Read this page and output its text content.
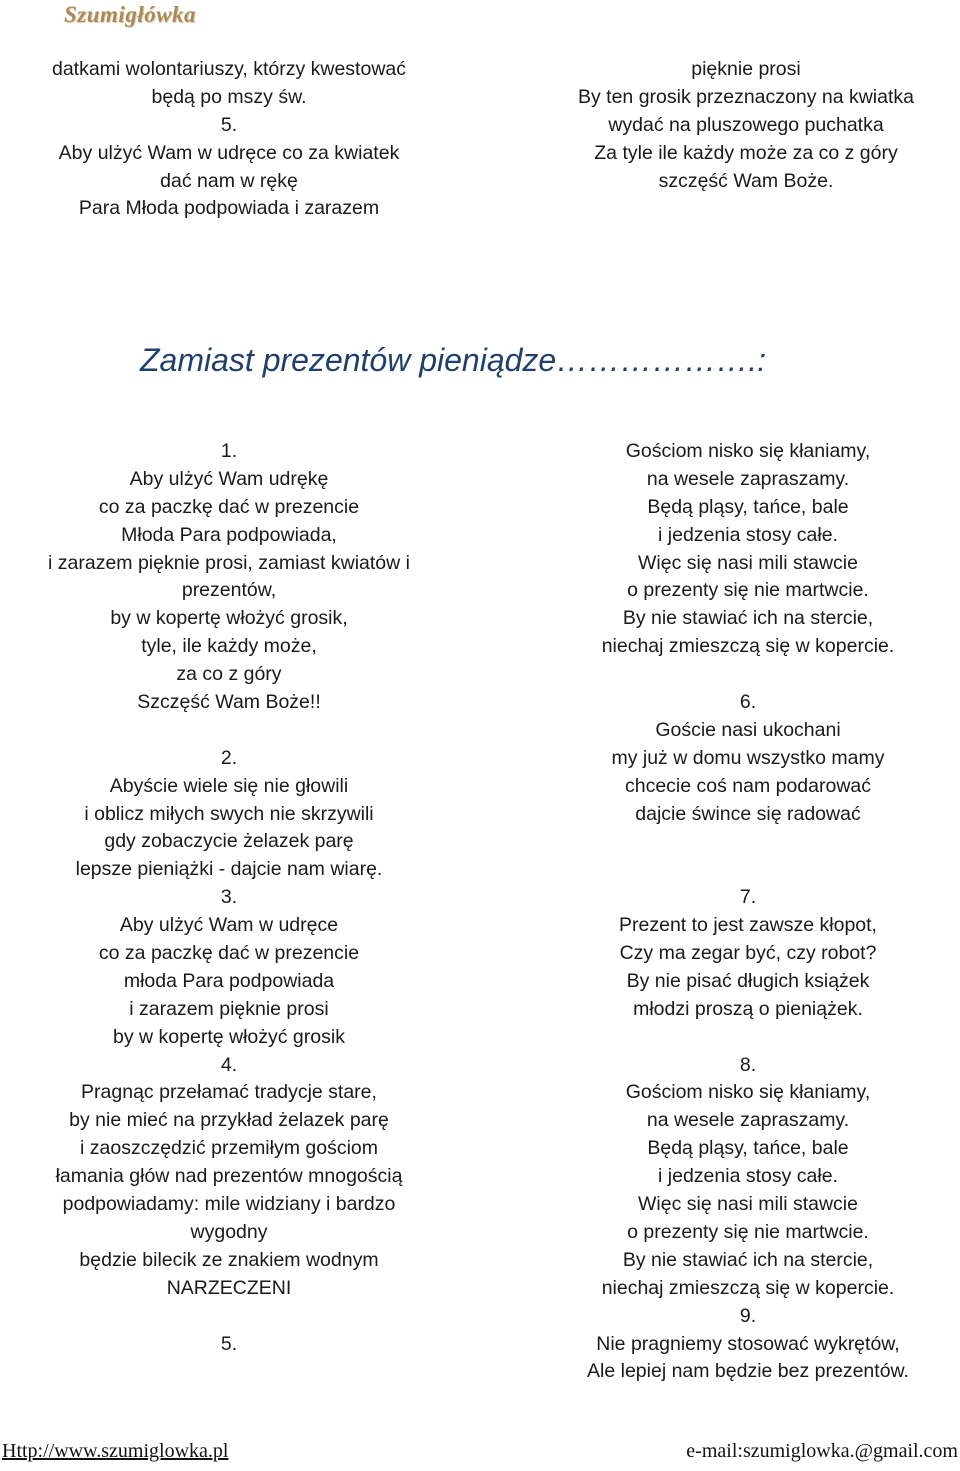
Szumigłówka
datkami wolontariuszy, którzy kwestować
będą po mszy św.
5.
Aby ulżyć Wam w udręce co za kwiatek
dać nam w rękę
Para Młoda podpowiada i zarazem
pięknie prosi
By ten grosik przeznaczony na kwiatka
wydać na pluszowego puchatka
Za tyle ile każdy może za co z góry
szczęść Wam Boże.
Zamiast prezentów pieniądze……………….:
1.
Aby ulżyć Wam udrękę
co za paczkę dać w prezencie
Młoda Para podpowiada,
i zarazem pięknie prosi, zamiast kwiatów i
prezentów,
by w kopertę włożyć grosik,
tyle, ile każdy może,
za co z góry
Szczęść Wam Boże!!
2.
Abyście wiele się nie głowili
i oblicz miłych swych nie skrzywili
gdy zobaczycie żelazek parę
lepsze pieniążki - dajcie nam wiarę.
3.
Aby ulżyć Wam w udręce
co za paczkę dać w prezencie
młoda Para podpowiada
i zarazem pięknie prosi
by w kopertę włożyć grosik
4.
Pragnąc przełamać tradycje stare,
by nie mieć na przykład żelazek parę
i zaoszczędzić przemiłym gościom
łamania głów nad prezentów mnogością
podpowiadamy: mile widziany i bardzo
wygodny
będzie bilecik ze znakiem wodnym
NARZECZENI
5.
Gościom nisko się kłaniamy,
na wesele zapraszamy.
Będą pląsy, tańce, bale
i jedzenia stosy całe.
Więc się nasi mili stawcie
o prezenty się nie martwcie.
By nie stawiać ich na stercie,
niechaj zmieszczą się w kopercie.
6.
Goście nasi ukochani
my już w domu wszystko mamy
chcecie coś nam podarować
dajcie śwince się radować
7.
Prezent to jest zawsze kłopot,
Czy ma zegar być, czy robot?
By nie pisać długich książek
młodzi proszą o pieniążek.
8.
Gościom nisko się kłaniamy,
na wesele zapraszamy.
Będą pląsy, tańce, bale
i jedzenia stosy całe.
Więc się nasi mili stawcie
o prezenty się nie martwcie.
By nie stawiać ich na stercie,
niechaj zmieszczą się w kopercie.
9.
Nie pragniemy stosować wykrętów,
Ale lepiej nam będzie bez prezentów.
Http://www.szumiglowka.pl	e-mail:szumiglowka.@gmail.com
